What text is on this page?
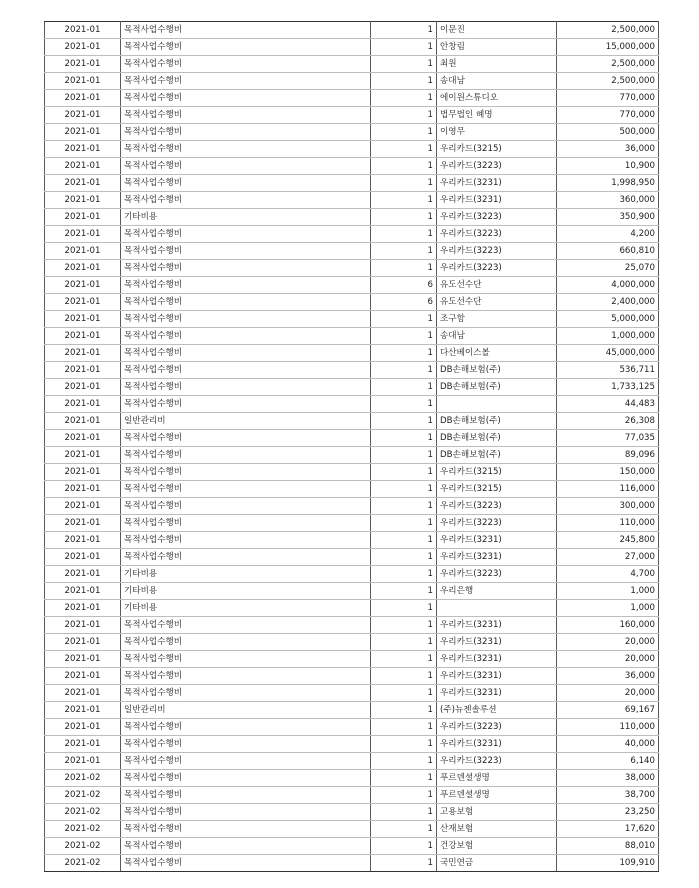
2021-01	목적사업수행비	1	이문진	2,500,000
2021-01	목적사업수행비	1	안창림	15,000,000
2021-01	목적사업수행비	1	최원	2,500,000
2021-01	목적사업수행비	1	송대남	2,500,000
2021-01	목적사업수행비	1	에이원스튜디오	770,000
2021-01	목적사업수행비	1	법무법인 혜명	770,000
2021-01	목적사업수행비	1	이영무	500,000
2021-01	목적사업수행비	1	우리카드(3215)	36,000
2021-01	목적사업수행비	1	우리카드(3223)	10,900
2021-01	목적사업수행비	1	우리카드(3231)	1,998,950
2021-01	목적사업수행비	1	우리카드(3231)	360,000
2021-01	기타비용	1	우리카드(3223)	350,900
2021-01	목적사업수행비	1	우리카드(3223)	4,200
2021-01	목적사업수행비	1	우리카드(3223)	660,810
2021-01	목적사업수행비	1	우리카드(3223)	25,070
2021-01	목적사업수행비	6	유도선수단	4,000,000
2021-01	목적사업수행비	6	유도선수단	2,400,000
2021-01	목적사업수행비	1	조구함	5,000,000
2021-01	목적사업수행비	1	송대남	1,000,000
2021-01	목적사업수행비	1	다산베이스볼	45,000,000
2021-01	목적사업수행비	1	DB손해보험(주)	536,711
2021-01	목적사업수행비	1	DB손해보험(주)	1,733,125
2021-01	목적사업수행비	1		44,483
2021-01	일반관리비	1	DB손해보험(주)	26,308
2021-01	목적사업수행비	1	DB손해보험(주)	77,035
2021-01	목적사업수행비	1	DB손해보험(주)	89,096
2021-01	목적사업수행비	1	우리카드(3215)	150,000
2021-01	목적사업수행비	1	우리카드(3215)	116,000
2021-01	목적사업수행비	1	우리카드(3223)	300,000
2021-01	목적사업수행비	1	우리카드(3223)	110,000
2021-01	목적사업수행비	1	우리카드(3231)	245,800
2021-01	목적사업수행비	1	우리카드(3231)	27,000
2021-01	기타비용	1	우리카드(3223)	4,700
2021-01	기타비용	1	우리은행	1,000
2021-01	기타비용	1		1,000
2021-01	목적사업수행비	1	우리카드(3231)	160,000
2021-01	목적사업수행비	1	우리카드(3231)	20,000
2021-01	목적사업수행비	1	우리카드(3231)	20,000
2021-01	목적사업수행비	1	우리카드(3231)	36,000
2021-01	목적사업수행비	1	우리카드(3231)	20,000
2021-01	일반관리비	1	(주)뉴젠솔루션	69,167
2021-01	목적사업수행비	1	우리카드(3223)	110,000
2021-01	목적사업수행비	1	우리카드(3231)	40,000
2021-01	목적사업수행비	1	우리카드(3223)	6,140
2021-02	목적사업수행비	1	푸르덴셜생명	38,000
2021-02	목적사업수행비	1	푸르덴셜생명	38,700
2021-02	목적사업수행비	1	고용보험	23,250
2021-02	목적사업수행비	1	산재보험	17,620
2021-02	목적사업수행비	1	건강보험	88,010
2021-02	목적사업수행비	1	국민연금	109,910
